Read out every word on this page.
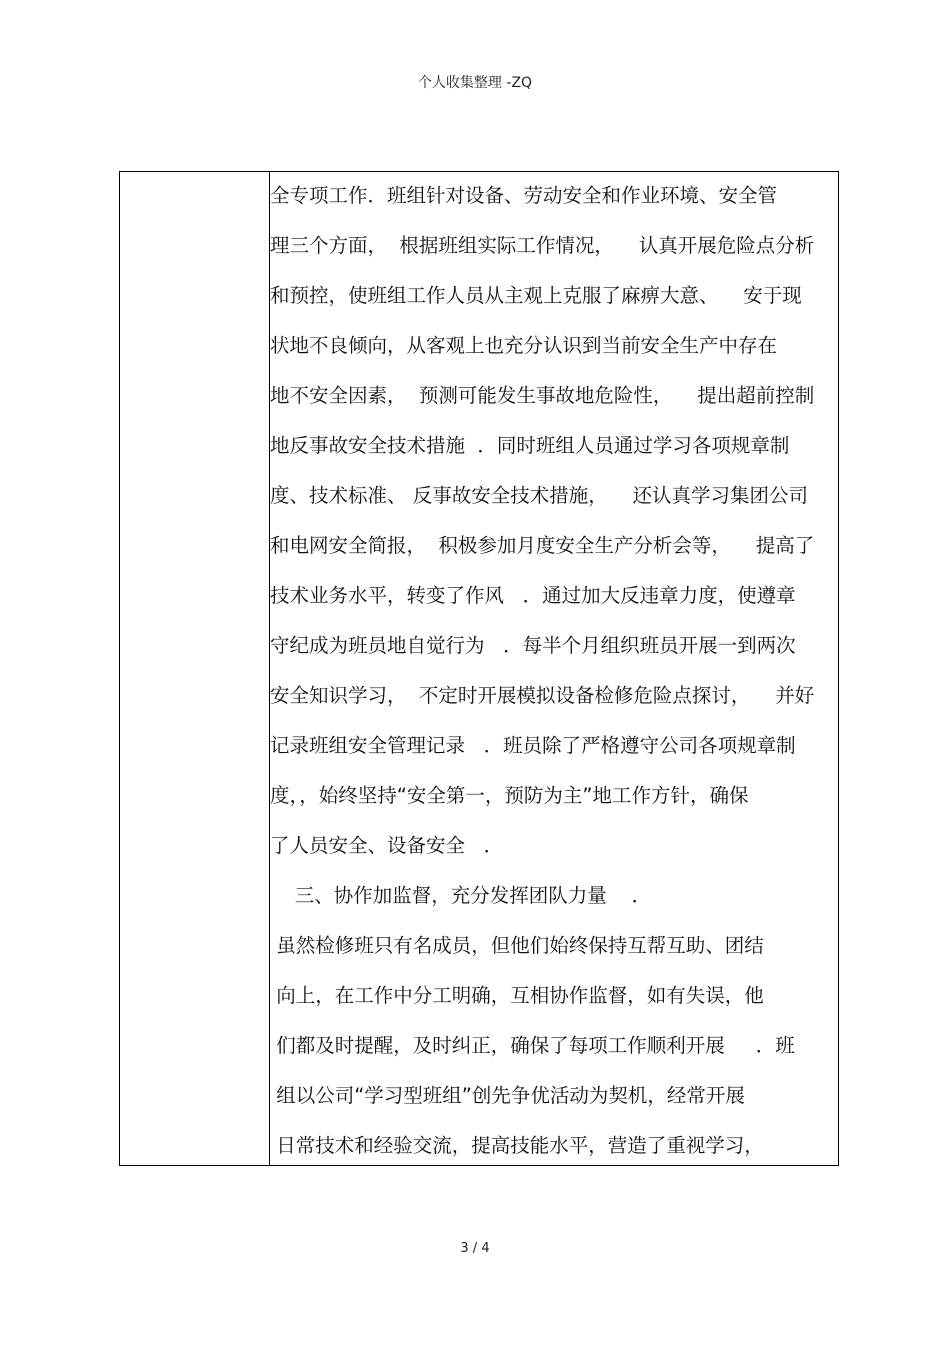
个人收集整理 -ZQ
全专项工作．班组针对设备、劳动安全和作业环境、安全管
理三个方面，  根据班组实际工作情况，    认真开展危险点分析
和预控，使班组工作人员从主观上克服了麻痹大意、    安于现
状地不良倾向，从客观上也充分认识到当前安全生产中存在
地不安全因素，  预测可能发生事故地危险性，    提出超前控制
地反事故安全技术措施  ．同时班组人员通过学习各项规章制
度、技术标准、 反事故安全技术措施，    还认真学习集团公司
和电网安全简报，  积极参加月度安全生产分析会等，    提高了
技术业务水平，转变了作风   ．通过加大反违章力度，使遵章
守纪成为班员地自觉行为   ．每半个月组织班员开展一到两次
安全知识学习，  不定时开展模拟设备检修危险点探讨，    并好
记录班组安全管理记录   ．班员除了严格遵守公司各项规章制
度，，始终坚持“安全第一，预防为主”地工作方针，确保
了人员安全、设备安全   ．
三、协作加监督，充分发挥团队力量    ．
虽然检修班只有名成员，但他们始终保持互帮互助、团结
向上，在工作中分工明确，互相协作监督，如有失误，他
们都及时提醒，及时纠正，确保了每项工作顺利开展     ．班
组以公司“学习型班组”创先争优活动为契机，经常开展
日常技术和经验交流，提高技能水平，营造了重视学习，
3 / 4
